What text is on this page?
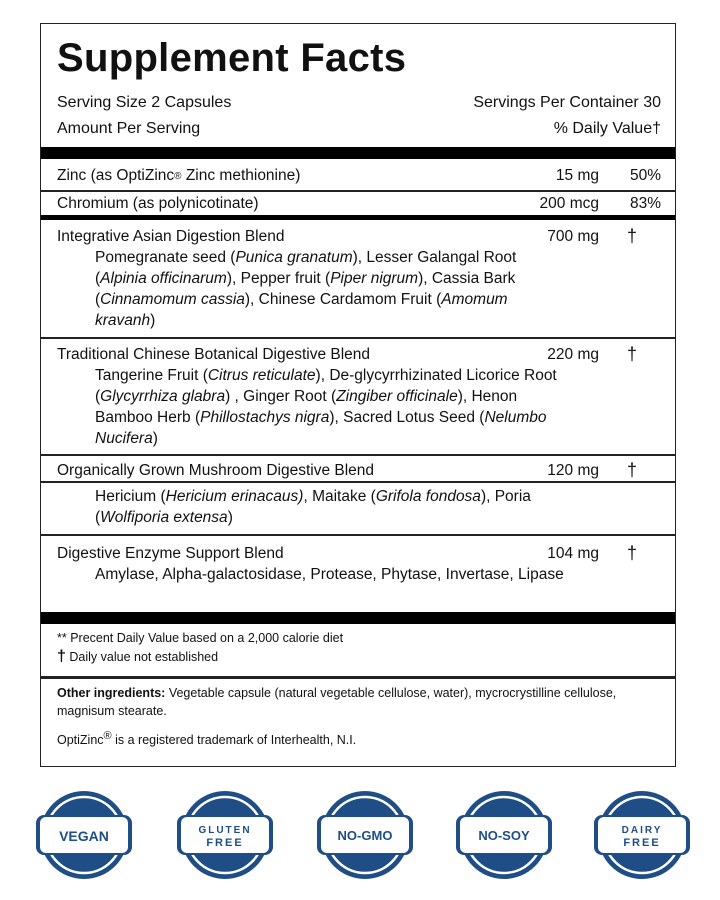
Supplement Facts
Serving Size 2 Capsules	Servings Per Container 30
Amount Per Serving	% Daily Value†
Zinc (as OptiZinc® Zinc methionine)	15 mg	50%
Chromium (as polynicotinate)	200 mcg	83%
Integrative Asian Digestion Blend	700 mg †
Pomegranate seed (Punica granatum), Lesser Galangal Root (Alpinia officinarum), Pepper fruit (Piper nigrum), Cassia Bark (Cinnamomum cassia), Chinese Cardamom Fruit (Amomum kravanh)
Traditional Chinese Botanical Digestive Blend	220 mg †
Tangerine Fruit (Citrus reticulate), De-glycyrrhizinated Licorice Root (Glycyrrhiza glabra) , Ginger Root (Zingiber officinale), Henon Bamboo Herb (Phillostachys nigra), Sacred Lotus Seed (Nelumbo Nucifera)
Organically Grown Mushroom Digestive Blend	120 mg †
Hericium (Hericium erinacaus), Maitake (Grifola fondosa), Poria (Wolfiporia extensa)
Digestive Enzyme Support Blend	104 mg †
Amylase, Alpha-galactosidase, Protease, Phytase, Invertase, Lipase
** Precent Daily Value based on a 2,000 calorie diet
† Daily value not established
Other ingredients: Vegetable capsule (natural vegetable cellulose, water), mycrocrystilline cellulose, magnisum stearate.
OptiZinc® is a registered trademark of Interhealth, N.I.
VEGAN	GLUTEN
FREE	NO-GMO	NO-SOY	DAIRY
FREE
